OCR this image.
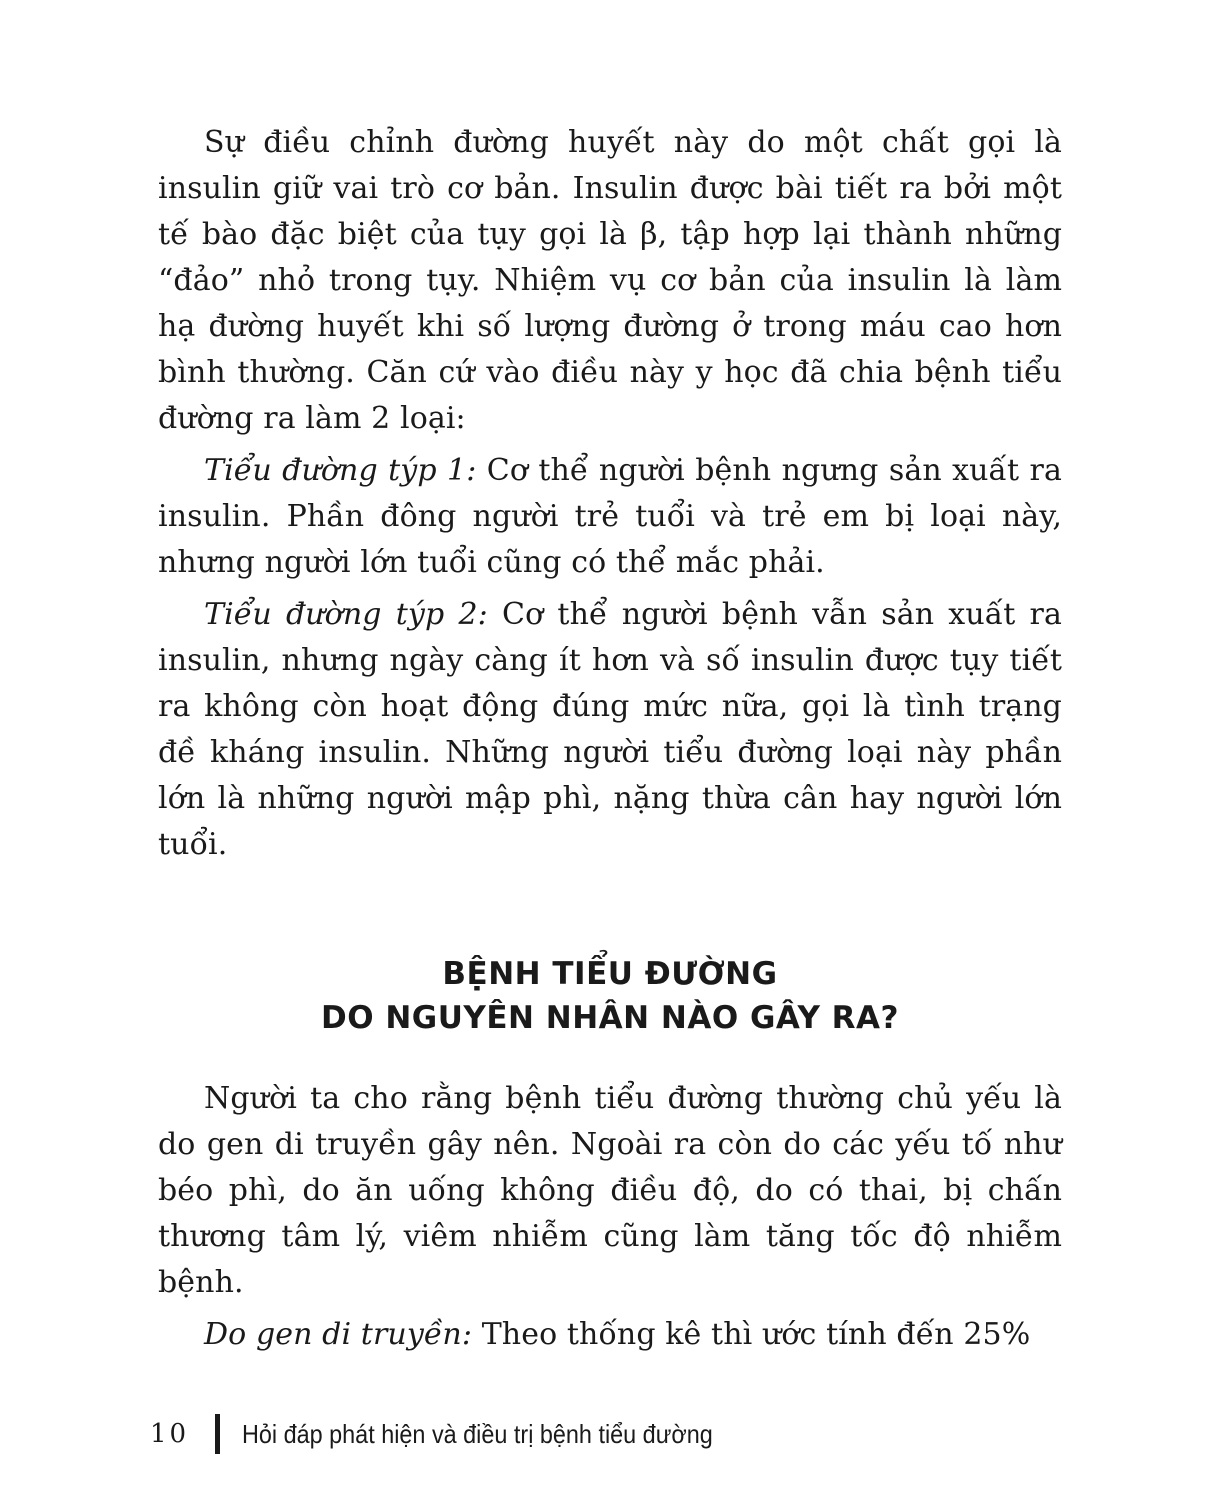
Sự điều chỉnh đường huyết này do một chất gọi là insulin giữ vai trò cơ bản. Insulin được bài tiết ra bởi một tế bào đặc biệt của tụy gọi là β, tập hợp lại thành những “đảo” nhỏ trong tụy. Nhiệm vụ cơ bản của insulin là làm hạ đường huyết khi số lượng đường ở trong máu cao hơn bình thường. Căn cứ vào điều này y học đã chia bệnh tiểu đường ra làm 2 loại:

Tiểu đường týp 1: Cơ thể người bệnh ngưng sản xuất ra insulin. Phần đông người trẻ tuổi và trẻ em bị loại này, nhưng người lớn tuổi cũng có thể mắc phải.

Tiểu đường týp 2: Cơ thể người bệnh vẫn sản xuất ra insulin, nhưng ngày càng ít hơn và số insulin được tụy tiết ra không còn hoạt động đúng mức nữa, gọi là tình trạng đề kháng insulin. Những người tiểu đường loại này phần lớn là những người mập phì, nặng thừa cân hay người lớn tuổi.

BỆNH TIỂU ĐƯỜNG
DO NGUYÊN NHÂN NÀO GÂY RA?

Người ta cho rằng bệnh tiểu đường thường chủ yếu là do gen di truyền gây nên. Ngoài ra còn do các yếu tố như béo phì, do ăn uống không điều độ, do có thai, bị chấn thương tâm lý, viêm nhiễm cũng làm tăng tốc độ nhiễm bệnh.

Do gen di truyền: Theo thống kê thì ước tính đến 25%

10 Hỏi đáp phát hiện và điều trị bệnh tiểu đường
